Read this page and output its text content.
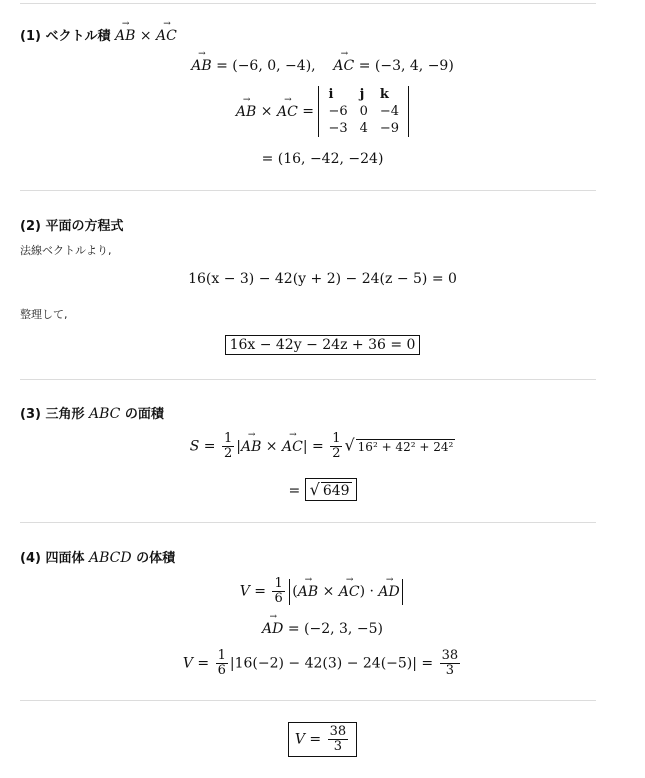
(1) ベクトル積 → AB × → AC
→ AB = (−6, 0, −4), → AC = (−3, 4, −9)
→ AB × → AC =
i	j	k
−6	0	−4
−3	4	−9
= (16, −42, −24)
(2) 平面の方程式
法線ベクトルより,
16(x − 3) − 42(y + 2) − 24(z − 5) = 0
整理して,
16x − 42y − 24z + 36 = 0
(3) 三角形 ABC の面積
$S = \frac{1}{2}$ |→ AB × → $AC| = \frac{1}{2}$ √ 16² + 42² + 24²
= √ 649
(4) 四面体 ABCD の体積
$V = \frac{1}{6}$ (→ AB × → AC) · → AD
→ AD = (−2, 3, −5)
$V = \frac{1}{6} |16(-2) - 42(3) - 24(-5)| = \frac{38}{3}$
$V = \frac{38}{3}$
